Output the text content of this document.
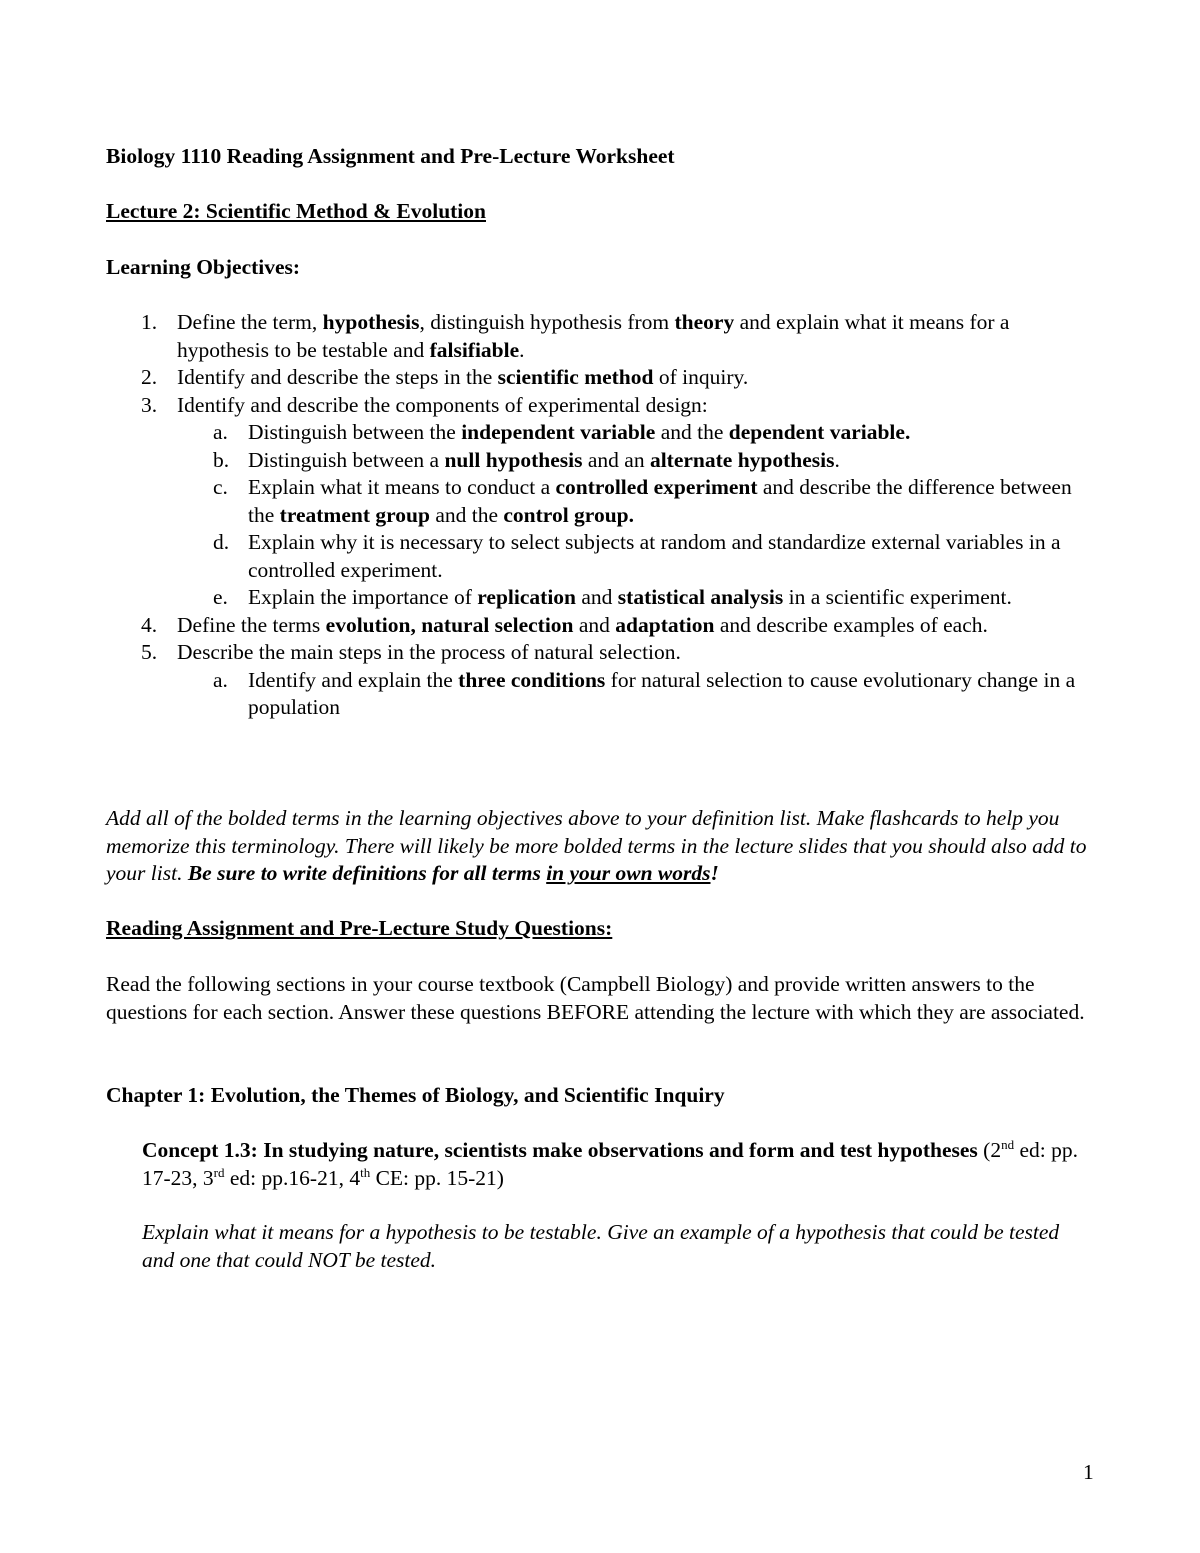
Biology 1110 Reading Assignment and Pre-Lecture Worksheet
Lecture 2: Scientific Method & Evolution
Learning Objectives:
1. Define the term, hypothesis, distinguish hypothesis from theory and explain what it means for a hypothesis to be testable and falsifiable.
2. Identify and describe the steps in the scientific method of inquiry.
3. Identify and describe the components of experimental design:
a. Distinguish between the independent variable and the dependent variable.
b. Distinguish between a null hypothesis and an alternate hypothesis.
c. Explain what it means to conduct a controlled experiment and describe the difference between the treatment group and the control group.
d. Explain why it is necessary to select subjects at random and standardize external variables in a controlled experiment.
e. Explain the importance of replication and statistical analysis in a scientific experiment.
4. Define the terms evolution, natural selection and adaptation and describe examples of each.
5. Describe the main steps in the process of natural selection.
a. Identify and explain the three conditions for natural selection to cause evolutionary change in a population
Add all of the bolded terms in the learning objectives above to your definition list. Make flashcards to help you memorize this terminology. There will likely be more bolded terms in the lecture slides that you should also add to your list. Be sure to write definitions for all terms in your own words!
Reading Assignment and Pre-Lecture Study Questions:
Read the following sections in your course textbook (Campbell Biology) and provide written answers to the questions for each section. Answer these questions BEFORE attending the lecture with which they are associated.
Chapter 1: Evolution, the Themes of Biology, and Scientific Inquiry
Concept 1.3: In studying nature, scientists make observations and form and test hypotheses (2nd ed: pp. 17-23, 3rd ed: pp.16-21, 4th CE: pp. 15-21)
Explain what it means for a hypothesis to be testable. Give an example of a hypothesis that could be tested and one that could NOT be tested.
1
